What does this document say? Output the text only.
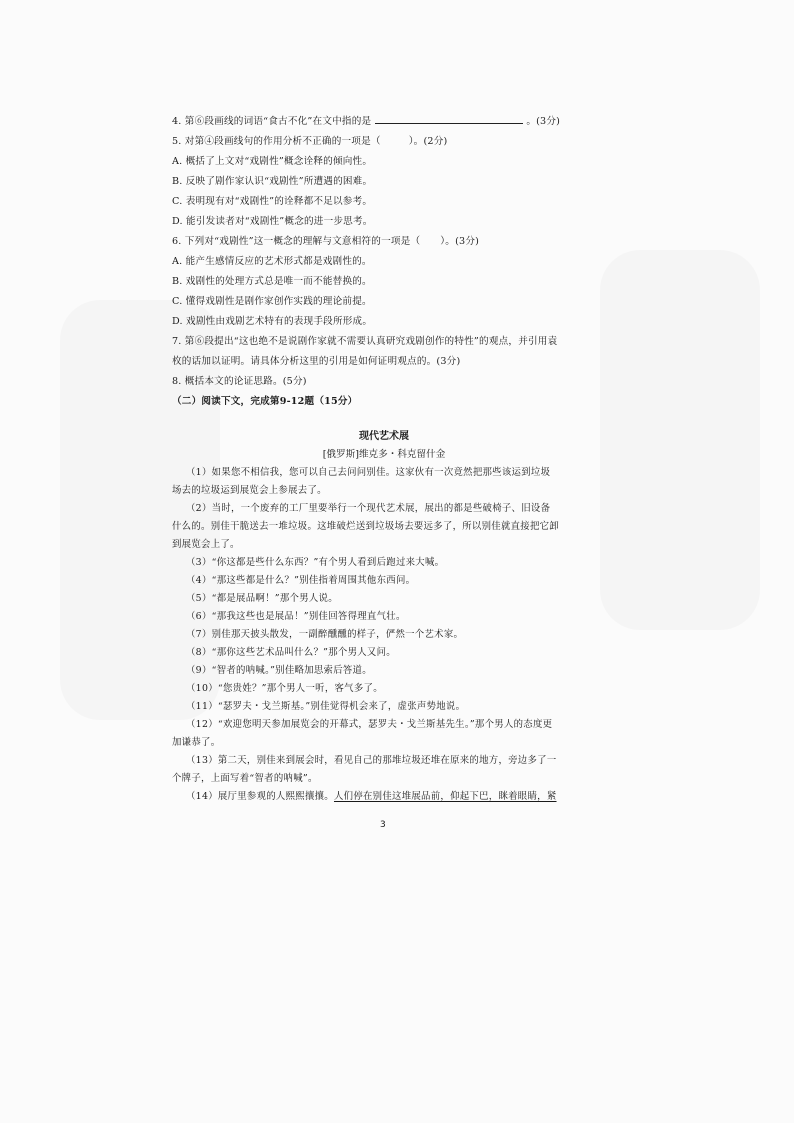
4. 第⑥段画线的词语“食古不化”在文中指的是	。(3分)
5. 对第④段画线句的作用分析不正确的一项是（	）。(2分)
A. 概括了上文对“戏剧性”概念诠释的倾向性。
B. 反映了剧作家认识“戏剧性”所遭遇的困难。
C. 表明现有对“戏剧性”的诠释都不足以参考。
D. 能引发读者对“戏剧性”概念的进一步思考。
6. 下列对“戏剧性”这一概念的理解与文意相符的一项是（ ）。(3分)
A. 能产生感情反应的艺术形式都是戏剧性的。
B. 戏剧性的处理方式总是唯一而不能替换的。
C. 懂得戏剧性是剧作家创作实践的理论前提。
D. 戏剧性由戏剧艺术特有的表现手段所形成。
7. 第⑥段提出“这也绝不是说剧作家就不需要认真研究戏剧创作的特性”的观点，并引用袁
枚的话加以证明。请具体分析这里的引用是如何证明观点的。(3分)
8. 概括本文的论证思路。(5分)
（二）阅读下文，完成第9-12题（15分）
现代艺术展
[俄罗斯]维克多・科克留什金
（1）如果您不相信我，您可以自己去问问别佳。这家伙有一次竟然把那些该运到垃圾
场去的垃圾运到展览会上参展去了。
（2）当时，一个废弃的工厂里要举行一个现代艺术展，展出的都是些破椅子、旧设备
什么的。别佳干脆送去一堆垃圾。这堆破烂送到垃圾场去要远多了，所以别佳就直接把它卸
到展览会上了。
（3）“你这都是些什么东西？”有个男人看到后跑过来大喊。
（4）“那这些都是什么？”别佳指着周围其他东西问。
（5）“都是展品啊！”那个男人说。
（6）“那我这些也是展品！”别佳回答得理直气壮。
（7）别佳那天披头散发，一副醉醺醺的样子，俨然一个艺术家。
（8）“那你这些艺术品叫什么？”那个男人又问。
（9）“智者的呐喊。”别佳略加思索后答道。
（10）“您贵姓？”那个男人一听，客气多了。
（11）“瑟罗夫・戈兰斯基。”别佳觉得机会来了，虚张声势地说。
（12）“欢迎您明天参加展览会的开幕式，瑟罗夫・戈兰斯基先生。”那个男人的态度更
加谦恭了。
（13）第二天，别佳来到展会时，看见自己的那堆垃圾还堆在原来的地方，旁边多了一
个牌子，上面写着“智者的呐喊”。
（14）展厅里参观的人熙熙攘攘。人们停在别佳这堆展品前，仰起下巴，眯着眼睛，紧
3
